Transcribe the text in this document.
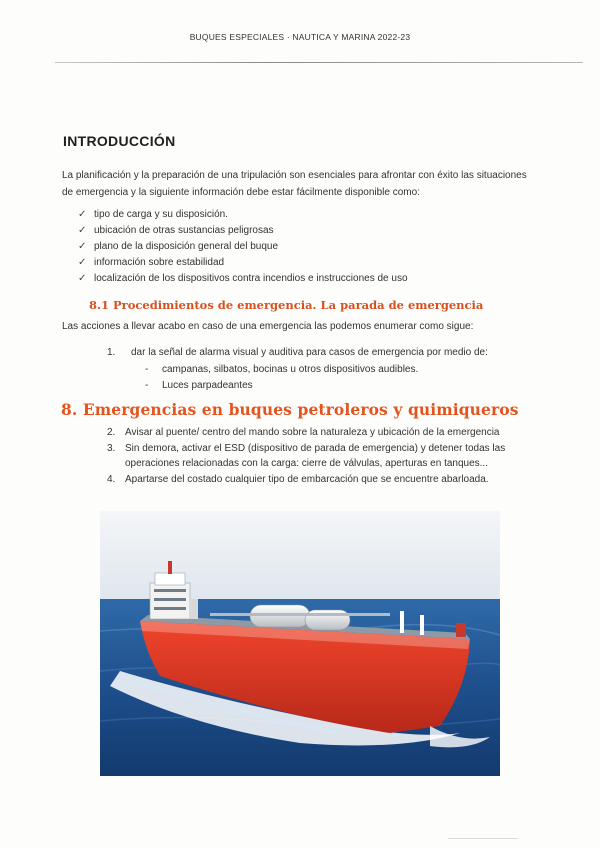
BUQUES ESPECIALES · NAUTICA Y MARINA 2022-23
INTRODUCCIÓN
La planificación y la preparación de una tripulación son esenciales para afrontar con éxito las situaciones de emergencia y la siguiente información debe estar fácilmente disponible como:
✓ tipo de carga y su disposición.
✓ ubicación de otras sustancias peligrosas
✓ plano de la disposición general del buque
✓ información sobre estabilidad
✓ localización de los dispositivos contra incendios e instrucciones de uso
8.1 Procedimientos de emergencia. La parada de emergencia
Las acciones a llevar acabo en caso de una emergencia las podemos enumerar como sigue:
1.	dar la señal de alarma visual y auditiva para casos de emergencia por medio de:
-	campanas, silbatos, bocinas u otros dispositivos audibles.
-	Luces parpadeantes
8. Emergencias en buques petroleros y quimiqueros
2. Avisar al puente/ centro del mando sobre la naturaleza y ubicación de la emergencia
3. Sin demora, activar el ESD (dispositivo de parada de emergencia) y detener todas las operaciones relacionadas con la carga: cierre de válvulas, aperturas en tanques...
4. Apartarse del costado cualquier tipo de embarcación que se encuentre abarloada.
